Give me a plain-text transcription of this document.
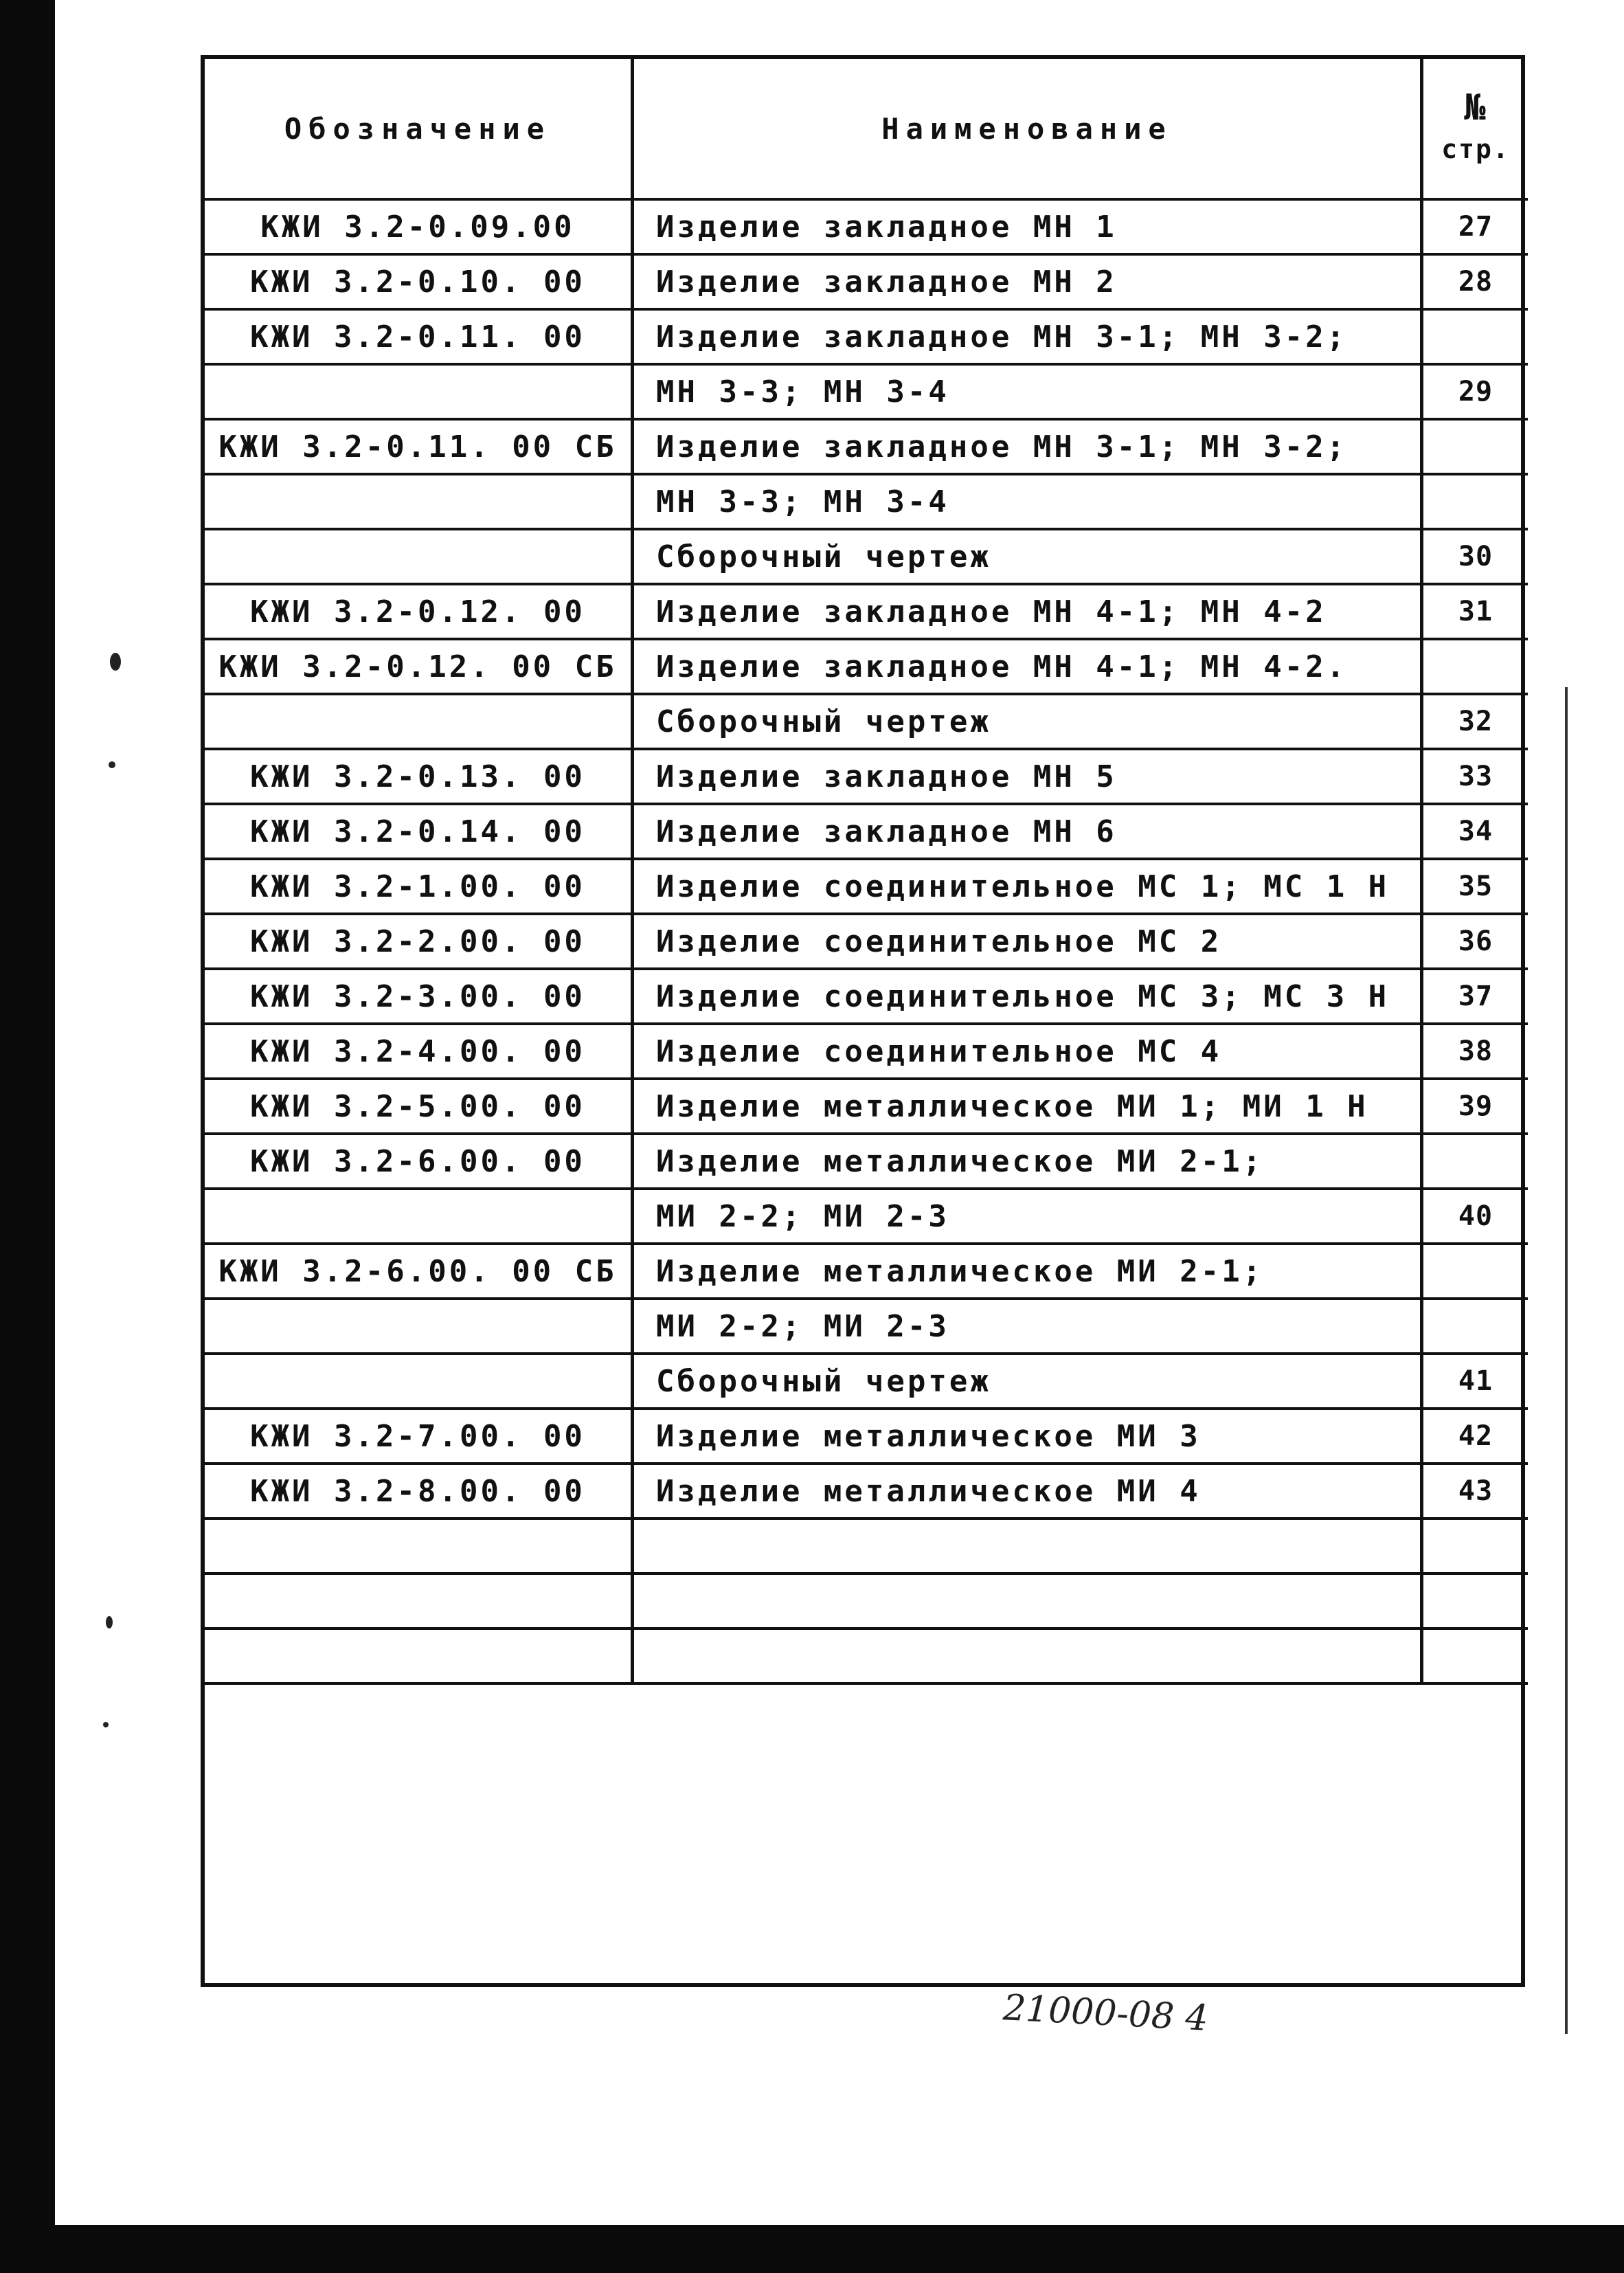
Обозначение	Наименование	№
стр.

КЖИ 3.2-0.09.00	Изделие закладное МН 1	27
КЖИ 3.2-0.10. 00	Изделие закладное МН 2	28
КЖИ 3.2-0.11. 00	Изделие закладное МН 3-1; МН 3-2;	
	МН 3-3; МН 3-4	29
КЖИ 3.2-0.11. 00 СБ	Изделие закладное МН 3-1; МН 3-2;	
	МН 3-3; МН 3-4	
	Сборочный чертеж	30
КЖИ 3.2-0.12. 00	Изделие закладное МН 4-1; МН 4-2	31
КЖИ 3.2-0.12. 00 СБ	Изделие закладное МН 4-1; МН 4-2.	
	Сборочный чертеж	32
КЖИ 3.2-0.13. 00	Изделие закладное МН 5	33
КЖИ 3.2-0.14. 00	Изделие закладное МН 6	34
КЖИ 3.2-1.00. 00	Изделие соединительное МС 1; МС 1 Н	35
КЖИ 3.2-2.00. 00	Изделие соединительное МС 2	36
КЖИ 3.2-3.00. 00	Изделие соединительное МС 3; МС 3 Н	37
КЖИ 3.2-4.00. 00	Изделие соединительное МС 4	38
КЖИ 3.2-5.00. 00	Изделие металлическое МИ 1; МИ 1 Н	39
КЖИ 3.2-6.00. 00	Изделие металлическое МИ 2-1;	
	МИ 2-2; МИ 2-3	40
КЖИ 3.2-6.00. 00 СБ	Изделие металлическое МИ 2-1;	
	МИ 2-2; МИ 2-3	
	Сборочный чертеж	41
КЖИ 3.2-7.00. 00	Изделие металлическое МИ 3	42
КЖИ 3.2-8.00. 00	Изделие металлическое МИ 4	43

21000-08 4
